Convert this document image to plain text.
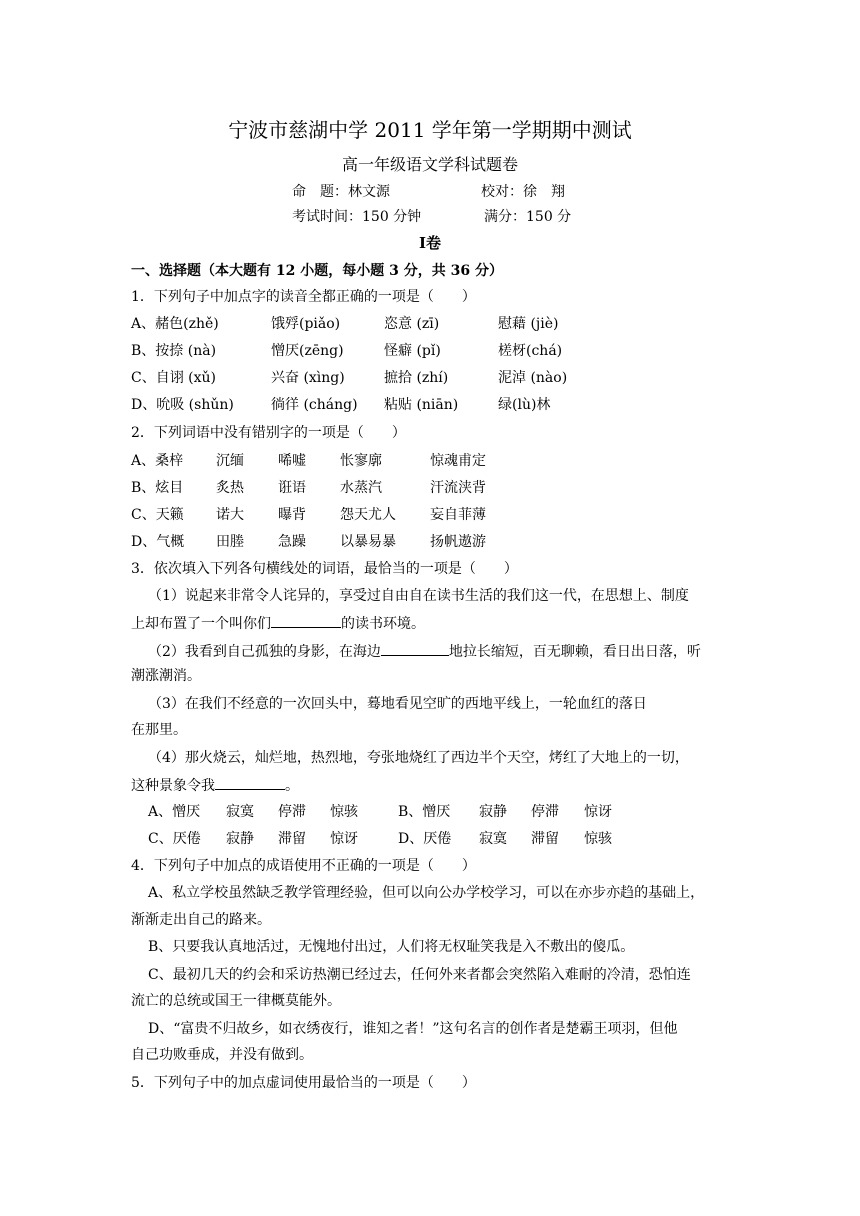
宁波市慈湖中学 2011 学年第一学期期中测试
高一年级语文学科试题卷
命　题：林文源	校对：徐　翔
考试时间：150 分钟	满分：150 分
Ⅰ卷
一、选择题（本大题有 12 小题，每小题 3 分，共 36 分）
1．下列句子中加点字的读音全都正确的一项是（　　）
A、赭色(zhě)	饿殍(piǎo)	恣意 (zī)	慰藉 (jiè)
B、按捺 (nà)	憎厌(zēng)	怪癖 (pǐ)	槎枒(chá)
C、自诩 (xǔ)	兴奋 (xìng)	摭拾 (zhí)	泥淖 (nào)
D、吮吸 (shǔn)	徜徉 (cháng) 粘贴 (niān)	绿(lù)林
2．下列词语中没有错别字的一项是（　　）
A、桑梓 沉缅 唏嘘 怅寥廓	惊魂甫定
B、炫目 炙热 诳语 水蒸汽	汗流浃背
C、天籁 诺大 曝背 怨天尤人 妄自菲薄
D、气概 田塍 急躁 以暴易暴 扬帆遨游
3．依次填入下列各句横线处的词语，最恰当的一项是（　　）
（1）说起来非常令人诧异的，享受过自由自在读书生活的我们这一代，在思想上、制度
上却布置了一个叫你们	的读书环境。
（2）我看到自己孤独的身影，在海边	地拉长缩短，百无聊赖，看日出日落，听
潮涨潮消。
（3）在我们不经意的一次回头中，蓦地看见空旷的西地平线上，一轮血红的落日
在那里。
（4）那火烧云，灿烂地，热烈地，夸张地烧红了西边半个天空，烤红了大地上的一切，
这种景象令我	。
A、憎厌 寂寞 停滞 惊骇	B、憎厌 寂静 停滞 惊讶
C、厌倦 寂静 滞留 惊讶	D、厌倦 寂寞 滞留 惊骇
4．下列句子中加点的成语使用不正确的一项是（　　）
A、私立学校虽然缺乏教学管理经验，但可以向公办学校学习，可以在亦步亦趋的基础上，
渐渐走出自己的路来。
B、只要我认真地活过，无愧地付出过，人们将无权耻笑我是入不敷出的傻瓜。
C、最初几天的约会和采访热潮已经过去，任何外来者都会突然陷入难耐的冷清，恐怕连
流亡的总统或国王一律概莫能外。
D、“富贵不归故乡，如衣绣夜行，谁知之者！”这句名言的创作者是楚霸王项羽，但他
自己功败垂成，并没有做到。
5．下列句子中的加点虚词使用最恰当的一项是（　　）
